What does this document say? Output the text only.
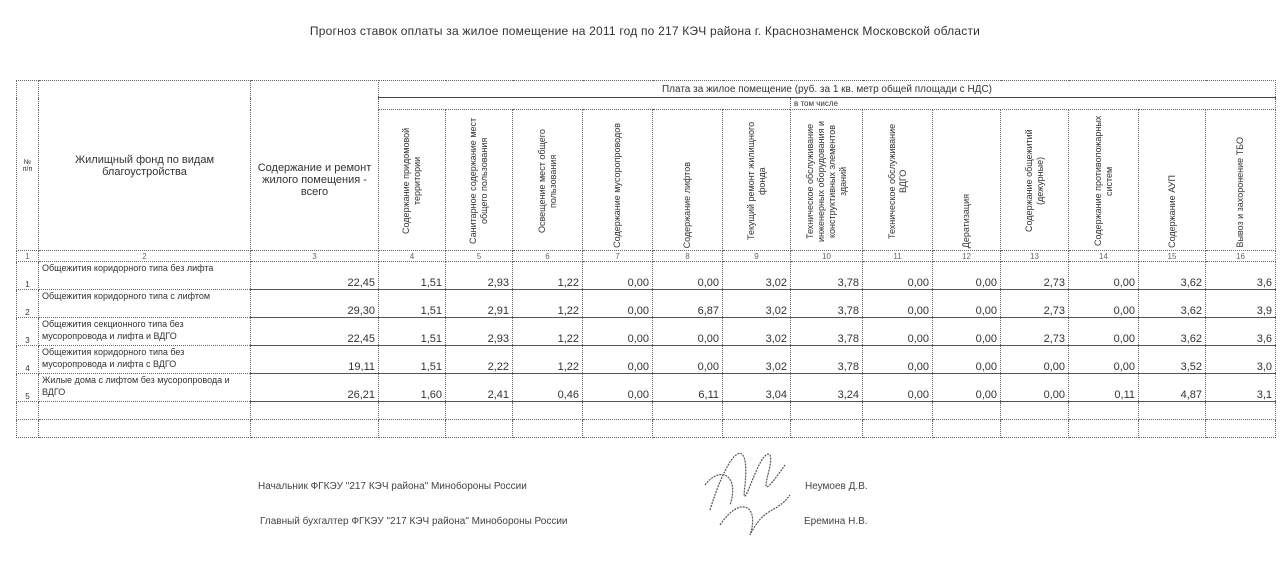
Прогноз ставок оплаты за жилое помещение на 2011 год по 217 КЭЧ района г. Краснознаменск Московской области
№ п/п	Жилищный фонд по видам благоустройства		Плата за жилое помещение (руб. за 1 кв. метр общей площади с НДС)												
									в том числе						
		Содержание и ремонт жилого помещения - всего	Содержание придомовой территории	Санитарное содержание мест общего пользования	Освещение мест общего пользования	Содержание мусоропроводов	Содержание лифтов	Текущий ремонт жилищного фонда	Техническое обслуживание инженерных оборудования и конструктивных элементов зданий	Техническое обслуживание ВДГО	Дератизация	Содержание общежитий (дежурные)	Содержание противопожарных систем	Содержание АУП	Вывоз и захоронение ТБО

1	2	3	4	5	6	7	8	9	10	11	12	13	14	15	16
1	Общежития коридорного типа без лифта	22,45	1,51	2,93	1,22	0,00	0,00	3,02	3,78	0,00	0,00	2,73	0,00	3,62	3,6
2	Общежития коридорного типа с лифтом	29,30	1,51	2,91	1,22	0,00	6,87	3,02	3,78	0,00	0,00	2,73	0,00	3,62	3,9
3	Общежития секционного типа без мусоропровода и лифта и ВДГО	22,45	1,51	2,93	1,22	0,00	0,00	3,02	3,78	0,00	0,00	2,73	0,00	3,62	3,6
4	Общежития коридорного типа без мусоропровода и лифта с ВДГО	19,11	1,51	2,22	1,22	0,00	0,00	3,02	3,78	0,00	0,00	0,00	0,00	3,52	3,0
5	Жилые дома с лифтом без мусоропровода и ВДГО	26,21	1,60	2,41	0,46	0,00	6,11	3,04	3,24	0,00	0,00	0,00	0,11	4,87	3,1

Начальник ФГКЭУ "217 КЭЧ района" Минобороны России	Неумоев Д.В.
Главный бухгалтер ФГКЭУ "217 КЭЧ района" Минобороны России	Еремина Н.В.
